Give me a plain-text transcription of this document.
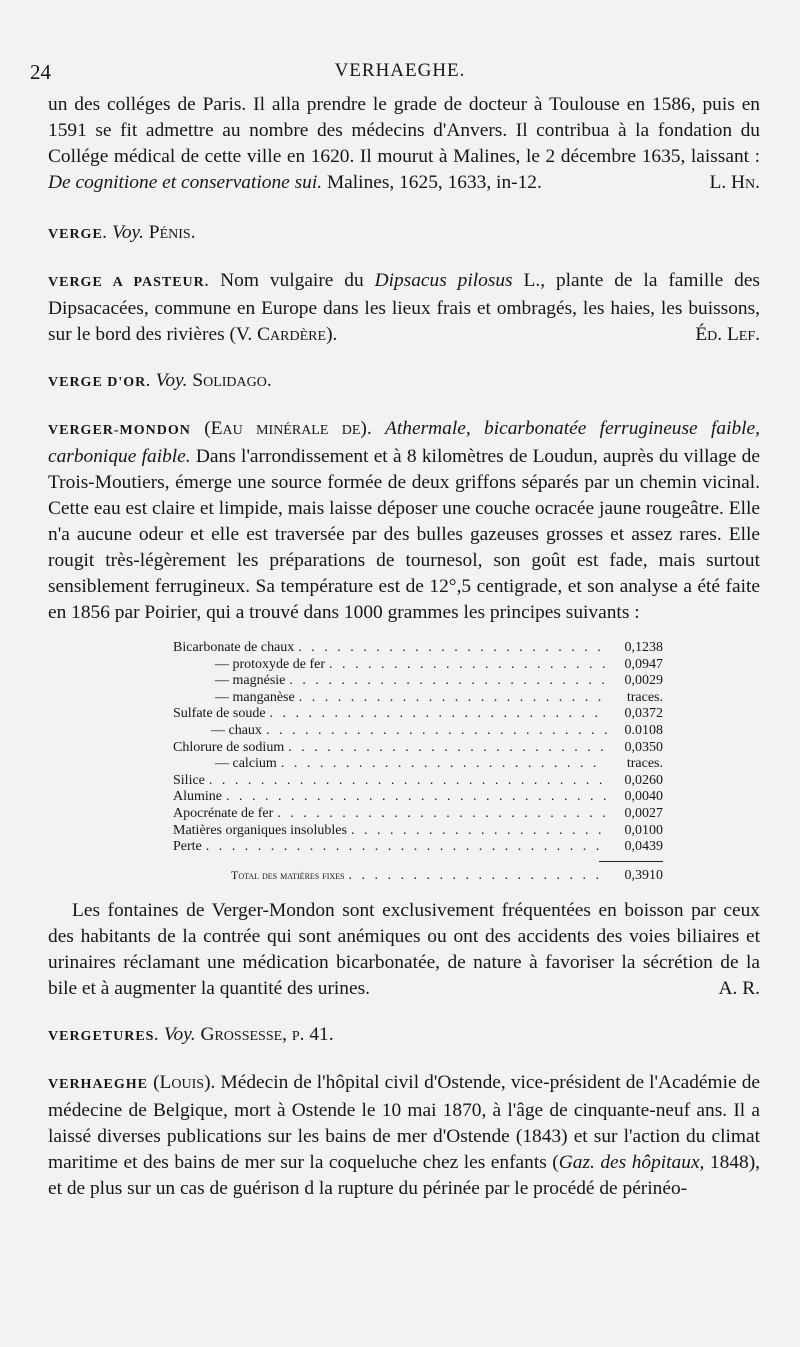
24	VERHAEGHE.

un des colléges de Paris. Il alla prendre le grade de docteur à Toulouse en 1586, puis en 1591 se fit admettre au nombre des médecins d'Anvers. Il contribua à la fondation du Collége médical de cette ville en 1620. Il mourut à Malines, le 2 décembre 1635, laissant : De cognitione et conservatione sui. Malines, 1625, 1633, in-12.	L. Hn.

VERGE. Voy. Pénis.

VERGE A PASTEUR. Nom vulgaire du Dipsacus pilosus L., plante de la famille des Dipsacacées, commune en Europe dans les lieux frais et ombragés, les haies, les buissons, sur le bord des rivières (V. Cardère).	Éd. Lef.

VERGE D'OR. Voy. Solidago.

VERGER-MONDON (Eau minérale de). Athermale, bicarbonatée ferrugineuse faible, carbonique faible. Dans l'arrondissement et à 8 kilomètres de Loudun, auprès du village de Trois-Moutiers, émerge une source formée de deux griffons séparés par un chemin vicinal. Cette eau est claire et limpide, mais laisse déposer une couche ocracée jaune rougeâtre. Elle n'a aucune odeur et elle est traversée par des bulles gazeuses grosses et assez rares. Elle rougit très-légèrement les préparations de tournesol, son goût est fade, mais surtout sensiblement ferrugineux. Sa température est de 12°,5 centigrade, et son analyse a été faite en 1856 par Poirier, qui a trouvé dans 1000 grammes les principes suivants :

Bicarbonate de chaux . . .	0,1238
— protoxyde de fer . . .	0,0947
— magnésie . . .	0,0029
— manganèse . . .	traces.
Sulfate de soude . . .	0,0372
— chaux . . .	0.0108
Chlorure de sodium . . .	0,0350
— calcium . . .	traces.
Silice . . .	0,0260
Alumine . . .	0,0040
Apocrénate de fer . . .	0,0027
Matières organiques insolubles . . .	0,0100
Perte . . .	0,0439
Total des matières fixes . . .	0,3910

Les fontaines de Verger-Mondon sont exclusivement fréquentées en boisson par ceux des habitants de la contrée qui sont anémiques ou ont des accidents des voies biliaires et urinaires réclamant une médication bicarbonatée, de nature à favoriser la sécrétion de la bile et à augmenter la quantité des urines.	A. R.

VERGETURES. Voy. Grossesse, p. 41.

VERHAEGHE (Louis). Médecin de l'hôpital civil d'Ostende, vice-président de l'Académie de médecine de Belgique, mort à Ostende le 10 mai 1870, à l'âge de cinquante-neuf ans. Il a laissé diverses publications sur les bains de mer d'Ostende (1843) et sur l'action du climat maritime et des bains de mer sur la coqueluche chez les enfants (Gaz. des hôpitaux, 1848), et de plus sur un cas de guérison d la rupture du périnée par le procédé de périnéo-
